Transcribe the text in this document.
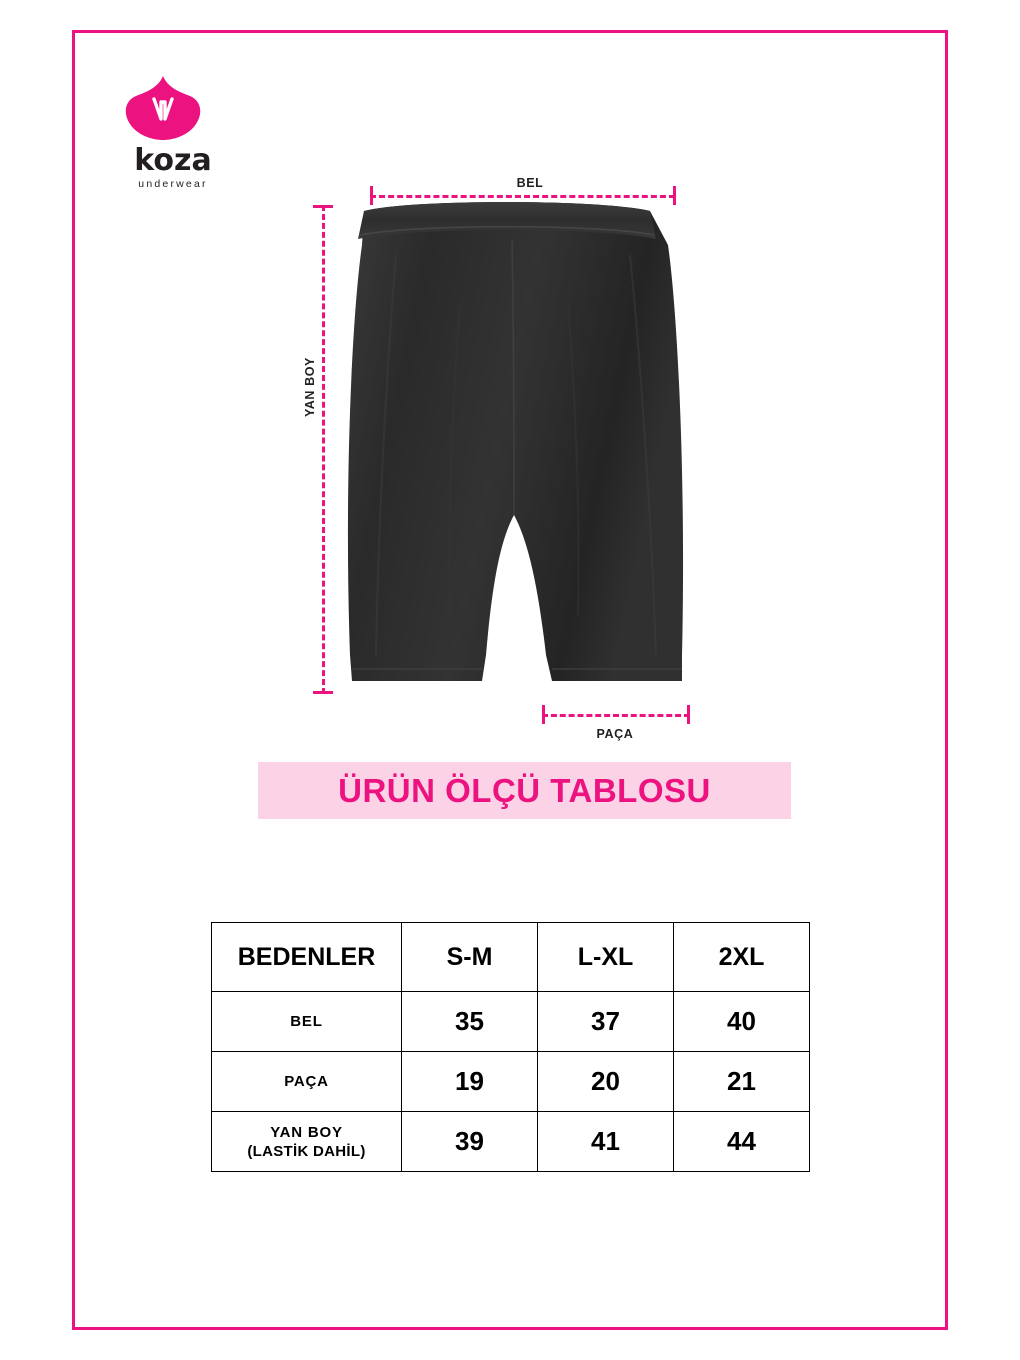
koza
underwear	BEL
PAÇA
YAN BOY
ÜRÜN ÖLÇÜ TABLOSU
BEDENLER	S-M	L-XL	2XL
BEL	35	37	40
PAÇA	19	20	21

YAN BOY
(LASTİK DAHİL)	39	41	44
